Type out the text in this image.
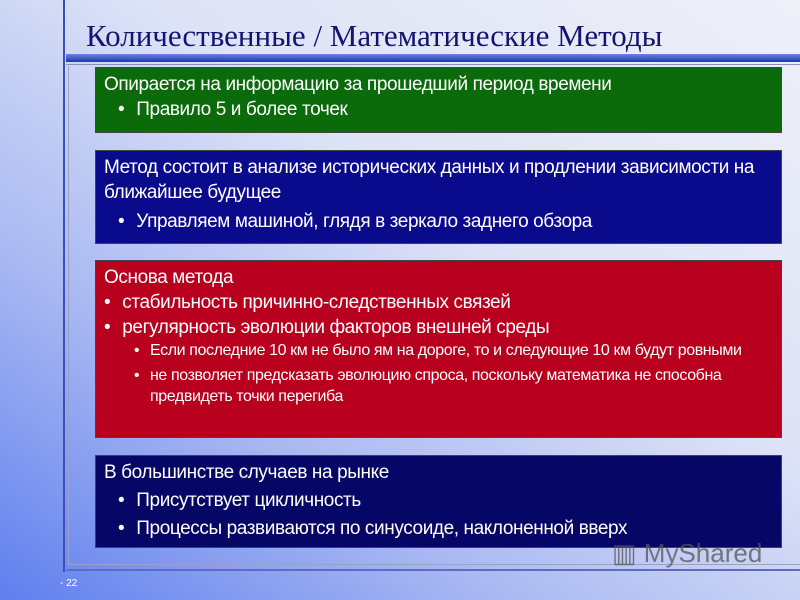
Количественные / Математические Методы
Опирается на информацию за прошедший период времени
• Правило 5 и более точек
Метод состоит в анализе исторических данных и продлении зависимости на ближайшее будущее
• Управляем машиной, глядя в зеркало заднего обзора
Основа метода
• стабильность причинно-следственных связей
• регулярность эволюции факторов внешней среды
• Если последние 10 км не было ям на дороге, то и следующие 10 км будут ровными
• не позволяет предсказать эволюцию спроса, поскольку математика не способна предвидеть точки перегиба
В большинстве случаев на рынке
• Присутствует цикличность
• Процессы развиваются по синусоиде, наклоненной вверх
▥ MyShared
- 22
